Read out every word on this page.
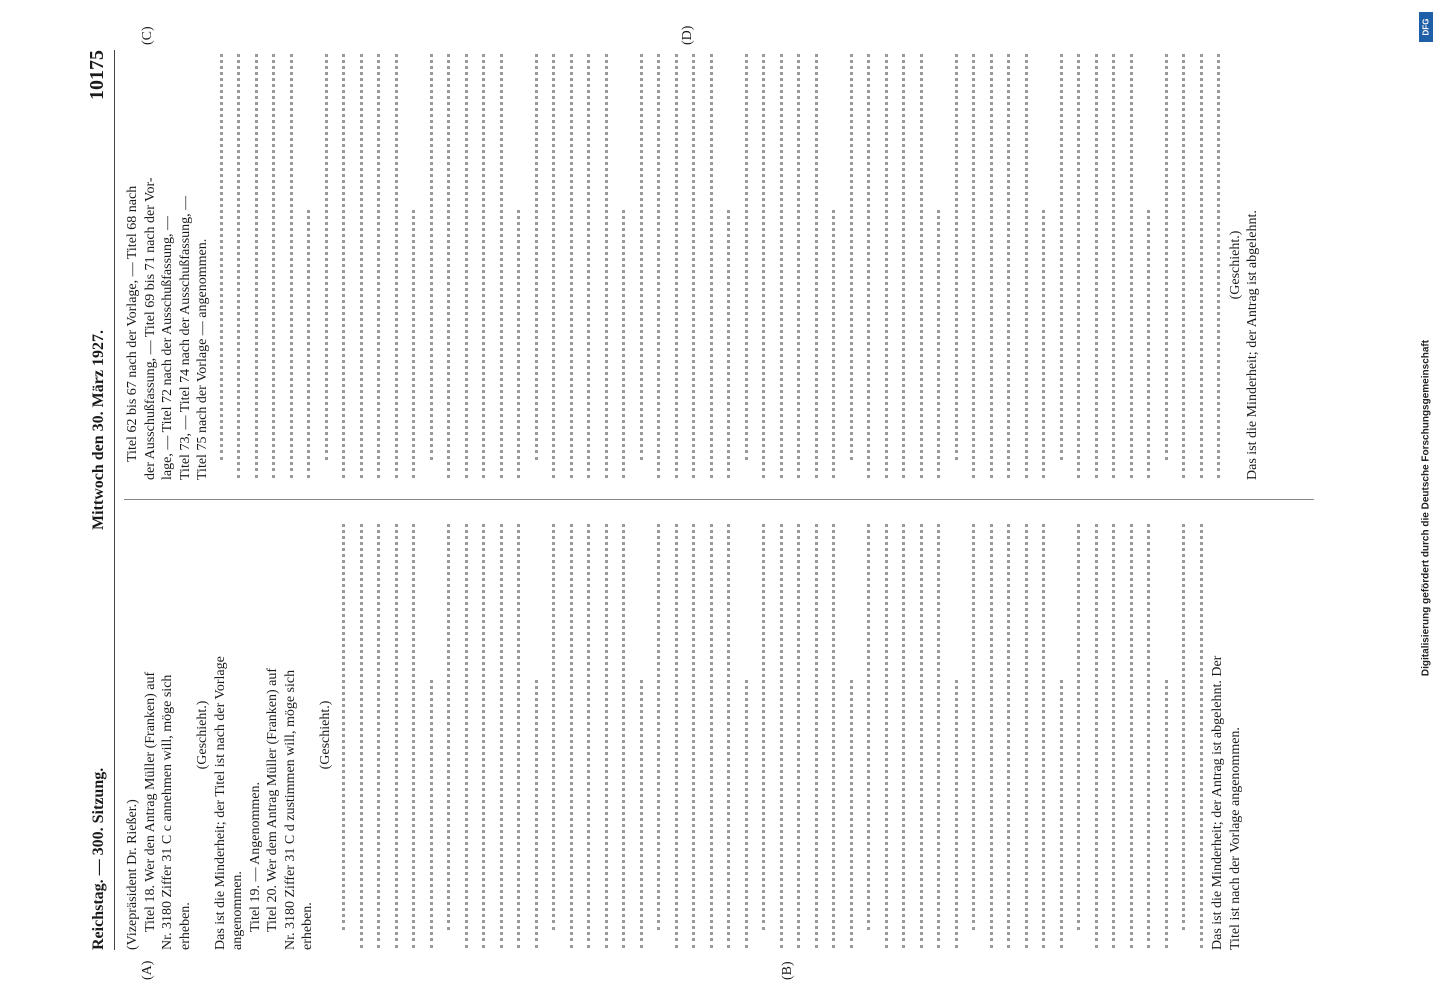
Reichstag. — 300. Sitzung.
Mittwoch den 30. März 1927.
10175
(A)	(B)
(C)	(D)
(Vizepräsident Dr. Rießer.) Titel 18. Wer den Antrag Müller (Franken) auf Nr. 3180 Ziffer 31 C c annehmen will, möge sich erheben.
(Geschieht.) Das ist die Minderheit; der Titel ist nach der Vorlage angenommen. Titel 19. — Angenommen. Titel 20. Wer dem Antrag Müller (Franken) auf Nr. 3180 Ziffer 31 C d zustimmen will, möge sich erheben.
(Geschieht.)	Das ist die Minderheit; der Antrag ist abgelehnt. Der Titel ist nach der Vorlage angenommen.
Titel 62 bis 67 nach der Vorlage, — Titel 68 nach der Ausschußfassung, — Titel 69 bis 71 nach der Vor- lage, — Titel 72 nach der Ausschußfassung, — Titel 73, — Titel 74 nach der Ausschußfassung, — Titel 75 nach der Vorlage — angenommen.	(Geschieht.) Das ist die Minderheit; der Antrag ist abgelehnt.
DFG
Digitalisierung gefördert durch die Deutsche Forschungsgemeinschaft
